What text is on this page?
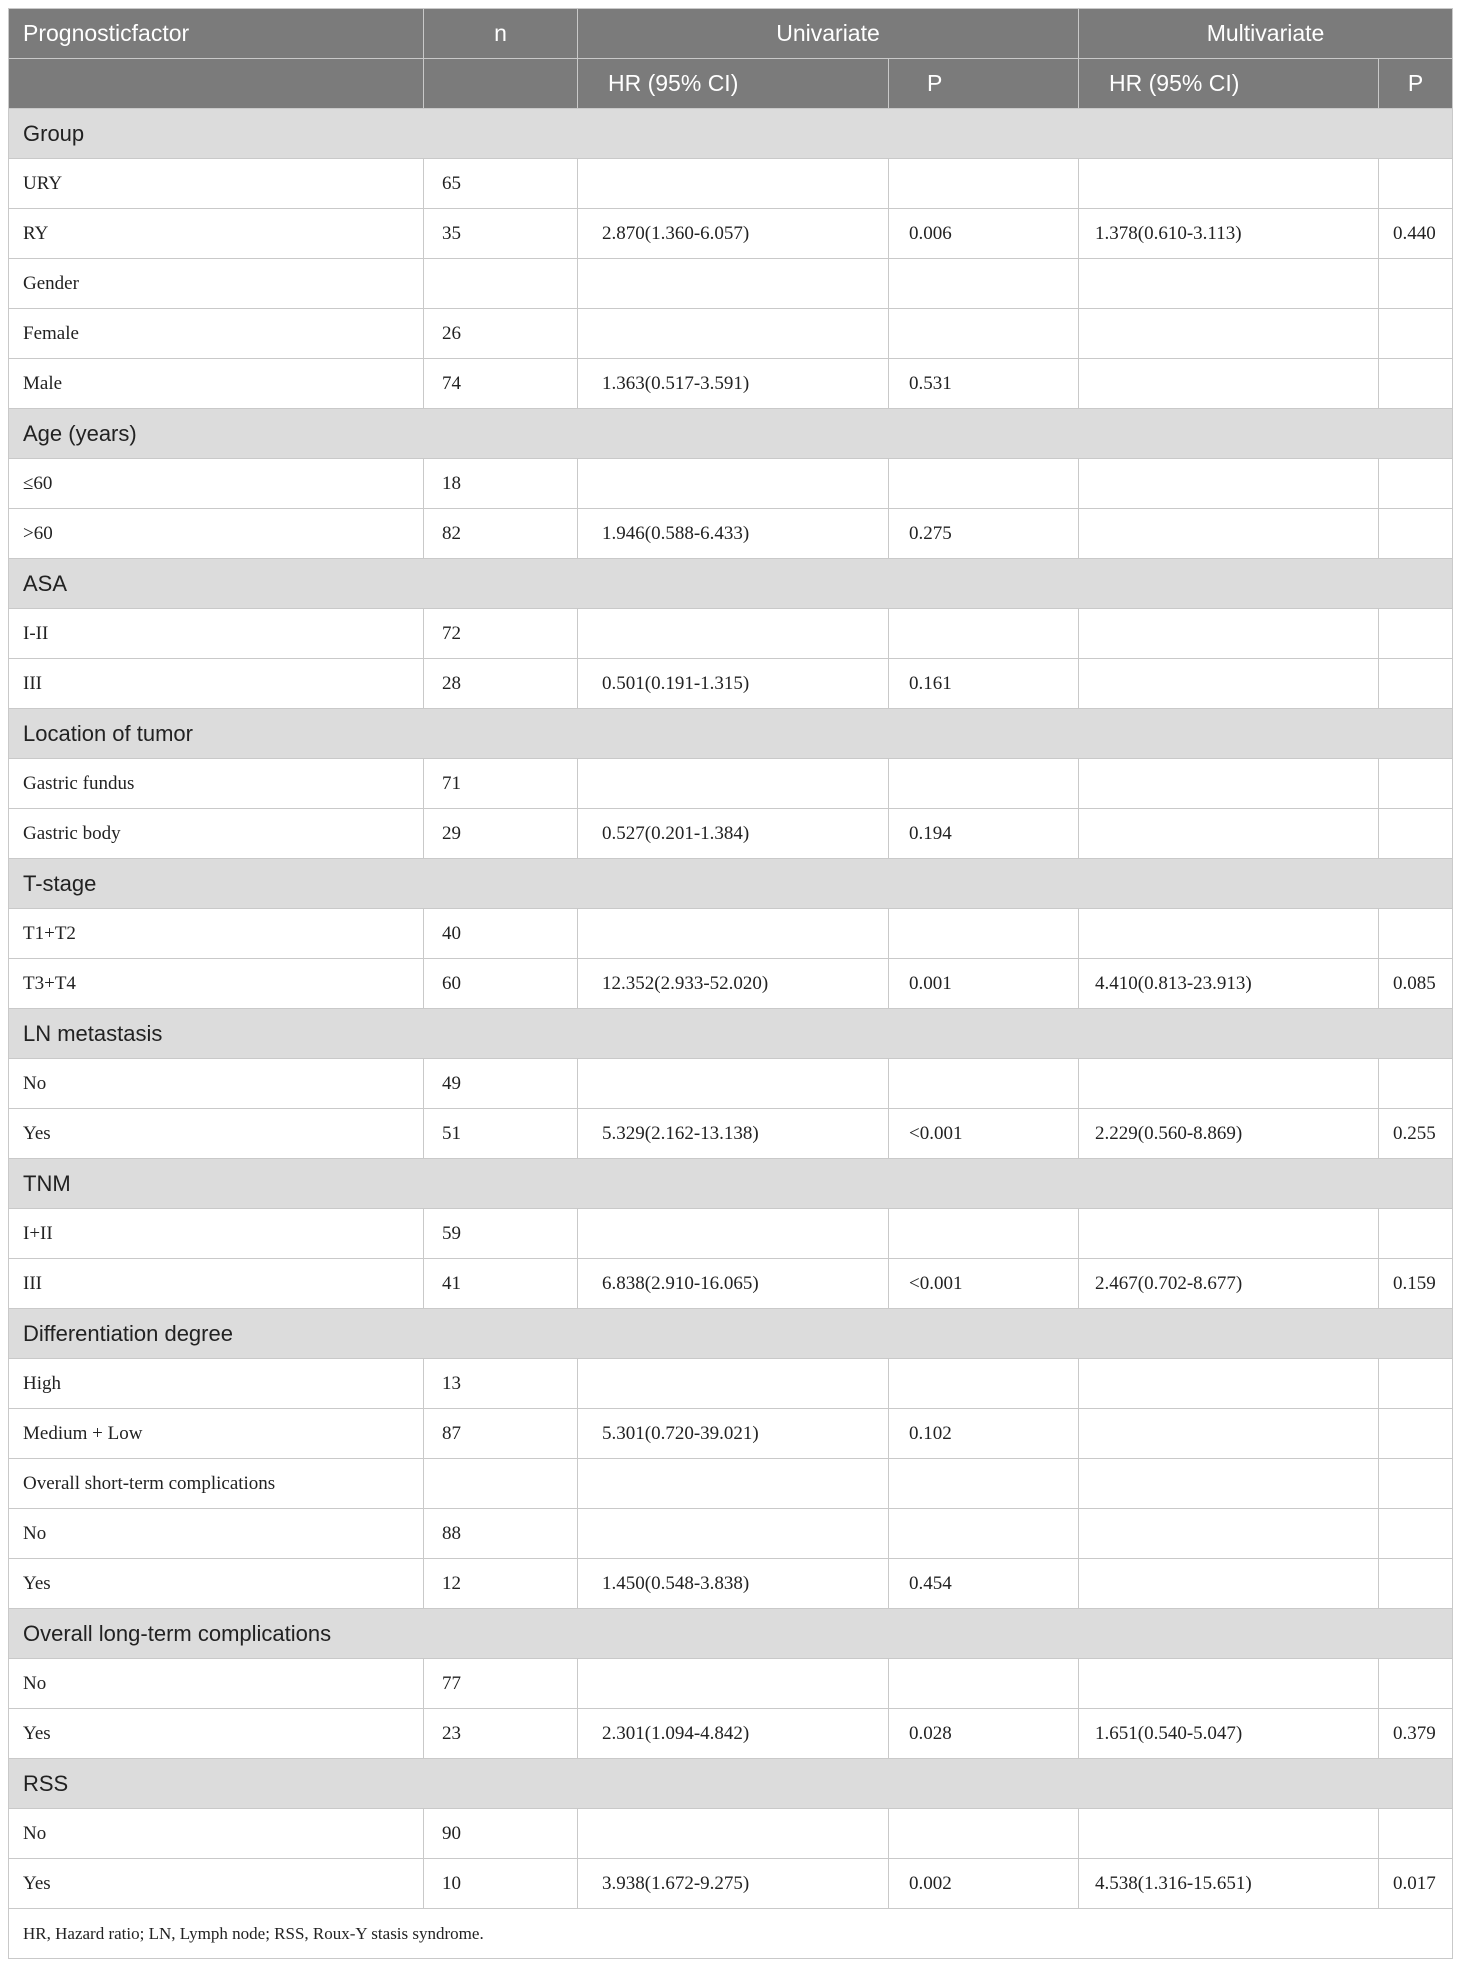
Prognosticfactor	n	Univariate		Multivariate	
		HR (95% CI)	P	HR (95% CI)	P
Group					
URY	65				
RY	35	2.870(1.360-6.057)	0.006	1.378(0.610-3.113)	0.440
Gender					
Female	26				
Male	74	1.363(0.517-3.591)	0.531		
Age (years)					
≤60	18				
>60	82	1.946(0.588-6.433)	0.275		
ASA					
I-II	72				
III	28	0.501(0.191-1.315)	0.161		
Location of tumor					
Gastric fundus	71				
Gastric body	29	0.527(0.201-1.384)	0.194		
T-stage					
T1+T2	40				
T3+T4	60	12.352(2.933-52.020)	0.001	4.410(0.813-23.913)	0.085
LN metastasis					
No	49				
Yes	51	5.329(2.162-13.138)	<0.001	2.229(0.560-8.869)	0.255
TNM					
I+II	59				
III	41	6.838(2.910-16.065)	<0.001	2.467(0.702-8.677)	0.159
Differentiation degree					
High	13				
Medium + Low	87	5.301(0.720-39.021)	0.102		
Overall short-term complications					
No	88				
Yes	12	1.450(0.548-3.838)	0.454		
Overall long-term complications					
No	77				
Yes	23	2.301(1.094-4.842)	0.028	1.651(0.540-5.047)	0.379
RSS					
No	90				
Yes	10	3.938(1.672-9.275)	0.002	4.538(1.316-15.651)	0.017
HR, Hazard ratio; LN, Lymph node; RSS, Roux-Y stasis syndrome.					
